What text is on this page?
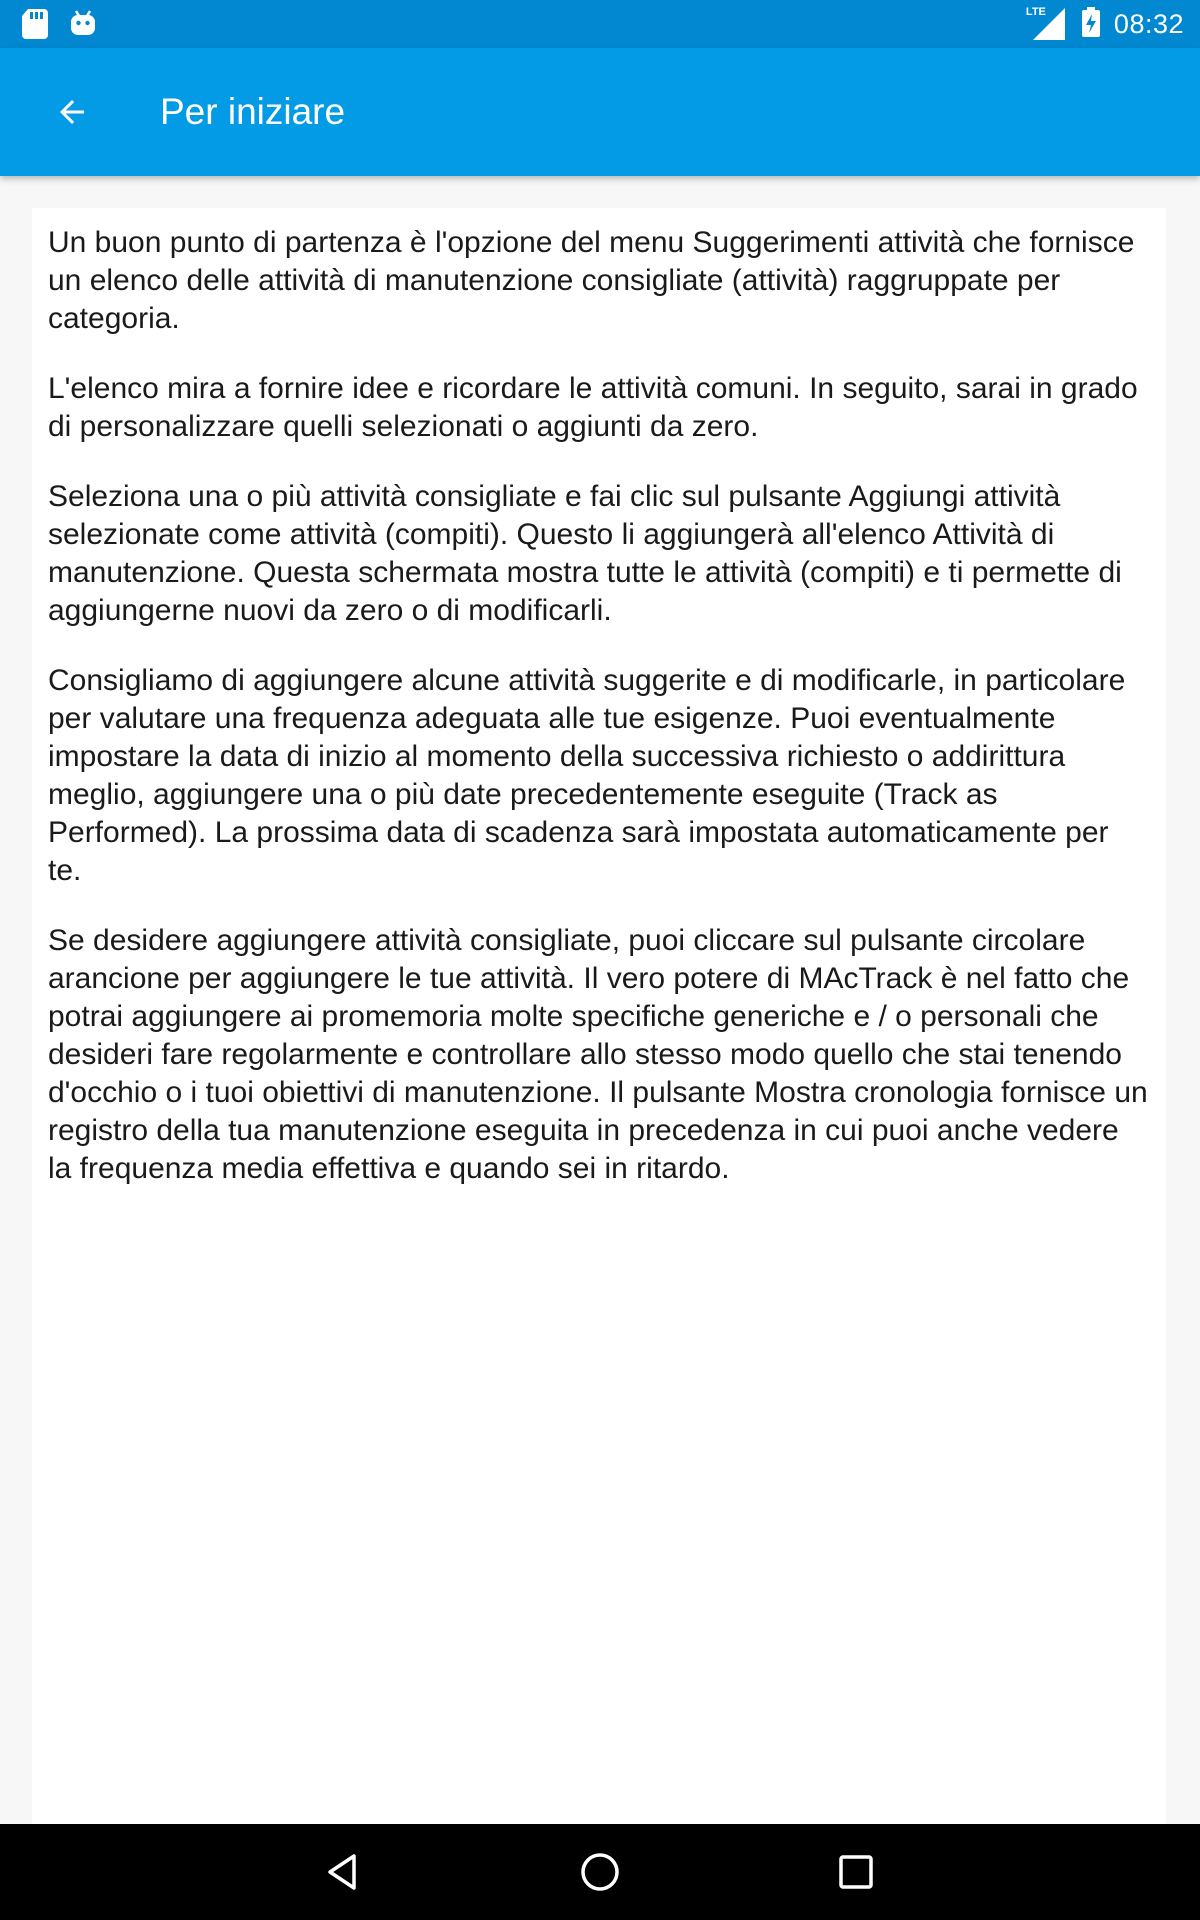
LTE	08:32
Per iniziare

Un buon punto di partenza è l'opzione del menu Suggerimenti attività che fornisce un elenco delle attività di manutenzione consigliate (attività) raggruppate per categoria.

L'elenco mira a fornire idee e ricordare le attività comuni. In seguito, sarai in grado di personalizzare quelli selezionati o aggiunti da zero.

Seleziona una o più attività consigliate e fai clic sul pulsante Aggiungi attività selezionate come attività (compiti). Questo li aggiungerà all'elenco Attività di manutenzione. Questa schermata mostra tutte le attività (compiti) e ti permette di aggiungerne nuovi da zero o di modificarli.

Consigliamo di aggiungere alcune attività suggerite e di modificarle, in particolare per valutare una frequenza adeguata alle tue esigenze. Puoi eventualmente impostare la data di inizio al momento della successiva richiesto o addirittura meglio, aggiungere una o più date precedentemente eseguite (Track as Performed). La prossima data di scadenza sarà impostata automaticamente per te.

Se desidere aggiungere attività consigliate, puoi cliccare sul pulsante circolare arancione per aggiungere le tue attività. Il vero potere di MAcTrack è nel fatto che potrai aggiungere ai promemoria molte specifiche generiche e / o personali che desideri fare regolarmente e controllare allo stesso modo quello che stai tenendo d'occhio o i tuoi obiettivi di manutenzione. Il pulsante Mostra cronologia fornisce un registro della tua manutenzione eseguita in precedenza in cui puoi anche vedere la frequenza media effettiva e quando sei in ritardo.
